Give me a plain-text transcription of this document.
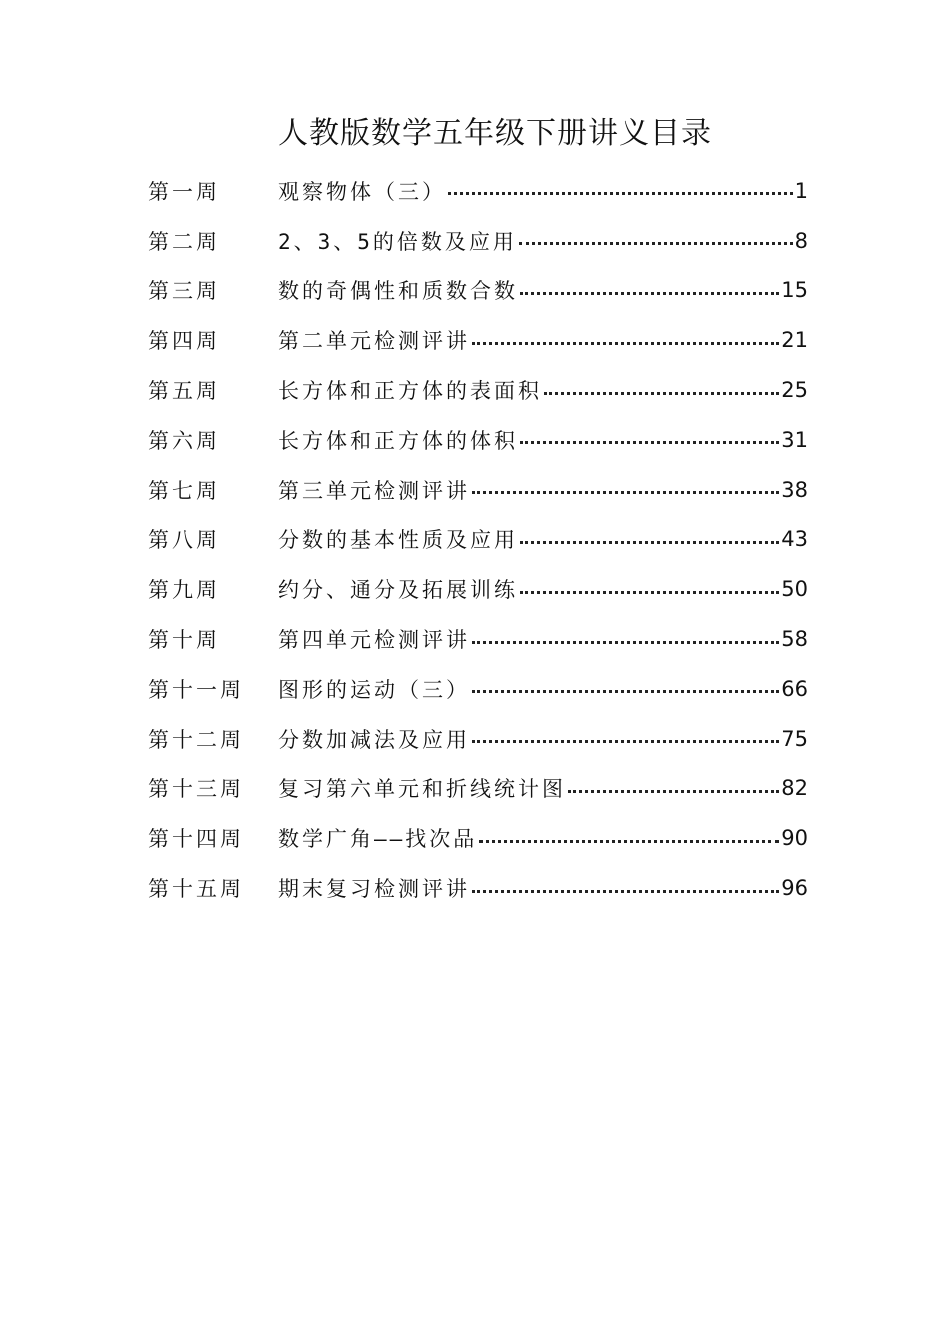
人教版数学五年级下册讲义目录
第一周	观察物体（三）	1
第二周	2、3、5的倍数及应用	8
第三周	数的奇偶性和质数合数	15
第四周	第二单元检测评讲	21
第五周	长方体和正方体的表面积	25
第六周	长方体和正方体的体积	31
第七周	第三单元检测评讲	38
第八周	分数的基本性质及应用	43
第九周	约分、通分及拓展训练	50
第十周	第四单元检测评讲	58
第十一周	图形的运动（三）	66
第十二周	分数加减法及应用	75
第十三周	复习第六单元和折线统计图	82
第十四周	数学广角——找次品	90
第十五周	期末复习检测评讲	96
